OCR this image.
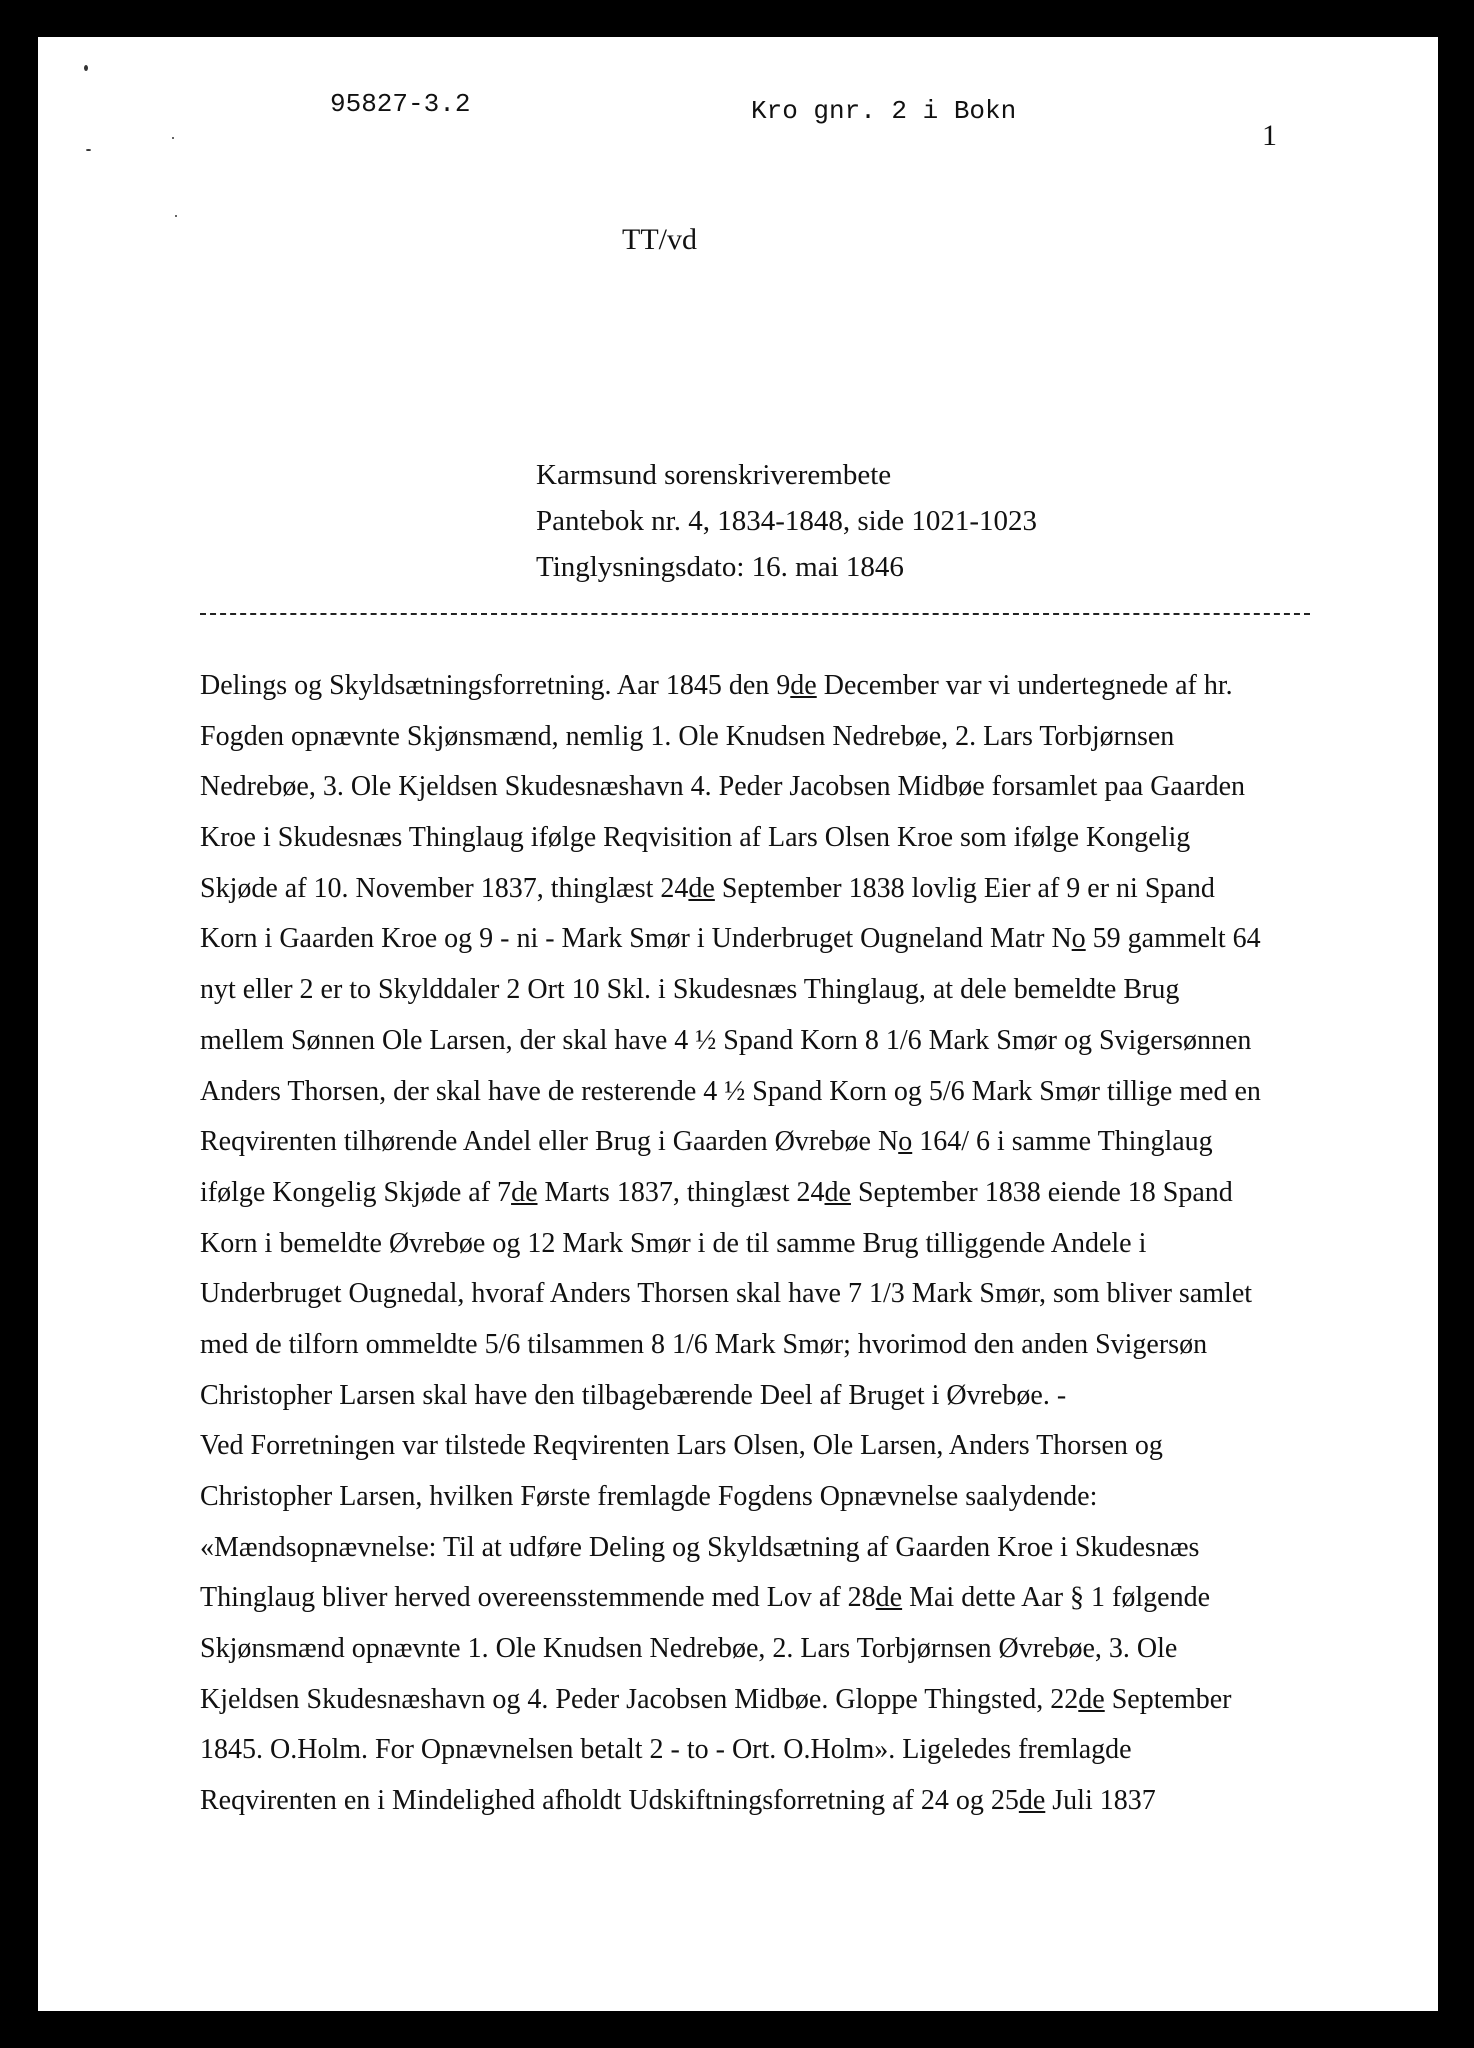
95827-3.2	Kro gnr. 2 i Bokn
1
TT/vd
Karmsund sorenskriverembete
Pantebok nr. 4, 1834-1848, side 1021-1023
Tinglysningsdato: 16. mai 1846
Delings og Skyldsætningsforretning. Aar 1845 den 9de December var vi undertegnede af hr.
Fogden opnævnte Skjønsmænd, nemlig 1. Ole Knudsen Nedrebøe, 2. Lars Torbjørnsen
Nedrebøe, 3. Ole Kjeldsen Skudesnæshavn 4. Peder Jacobsen Midbøe forsamlet paa Gaarden
Kroe i Skudesnæs Thinglaug ifølge Reqvisition af Lars Olsen Kroe som ifølge Kongelig
Skjøde af 10. November 1837, thinglæst 24de September 1838 lovlig Eier af 9 er ni Spand
Korn i Gaarden Kroe og 9 - ni - Mark Smør i Underbruget Ougneland Matr No 59 gammelt 64
nyt eller 2 er to Skylddaler 2 Ort 10 Skl. i Skudesnæs Thinglaug, at dele bemeldte Brug
mellem Sønnen Ole Larsen, der skal have 4 ½ Spand Korn 8 1/6 Mark Smør og Svigersønnen
Anders Thorsen, der skal have de resterende 4 ½ Spand Korn og 5/6 Mark Smør tillige med en
Reqvirenten tilhørende Andel eller Brug i Gaarden Øvrebøe No 164/ 6 i samme Thinglaug
ifølge Kongelig Skjøde af 7de Marts 1837, thinglæst 24de September 1838 eiende 18 Spand
Korn i bemeldte Øvrebøe og 12 Mark Smør i de til samme Brug tilliggende Andele i
Underbruget Ougnedal, hvoraf Anders Thorsen skal have 7 1/3 Mark Smør, som bliver samlet
med de tilforn ommeldte 5/6 tilsammen 8 1/6 Mark Smør; hvorimod den anden Svigersøn
Christopher Larsen skal have den tilbagebærende Deel af Bruget i Øvrebøe. -
Ved Forretningen var tilstede Reqvirenten Lars Olsen, Ole Larsen, Anders Thorsen og
Christopher Larsen, hvilken Første fremlagde Fogdens Opnævnelse saalydende:
«Mændsopnævnelse: Til at udføre Deling og Skyldsætning af Gaarden Kroe i Skudesnæs
Thinglaug bliver herved overeensstemmende med Lov af 28de Mai dette Aar § 1 følgende
Skjønsmænd opnævnte 1. Ole Knudsen Nedrebøe, 2. Lars Torbjørnsen Øvrebøe, 3. Ole
Kjeldsen Skudesnæshavn og 4. Peder Jacobsen Midbøe. Gloppe Thingsted, 22de September
1845. O.Holm. For Opnævnelsen betalt 2 - to - Ort. O.Holm». Ligeledes fremlagde
Reqvirenten en i Mindelighed afholdt Udskiftningsforretning af 24 og 25de Juli 1837
